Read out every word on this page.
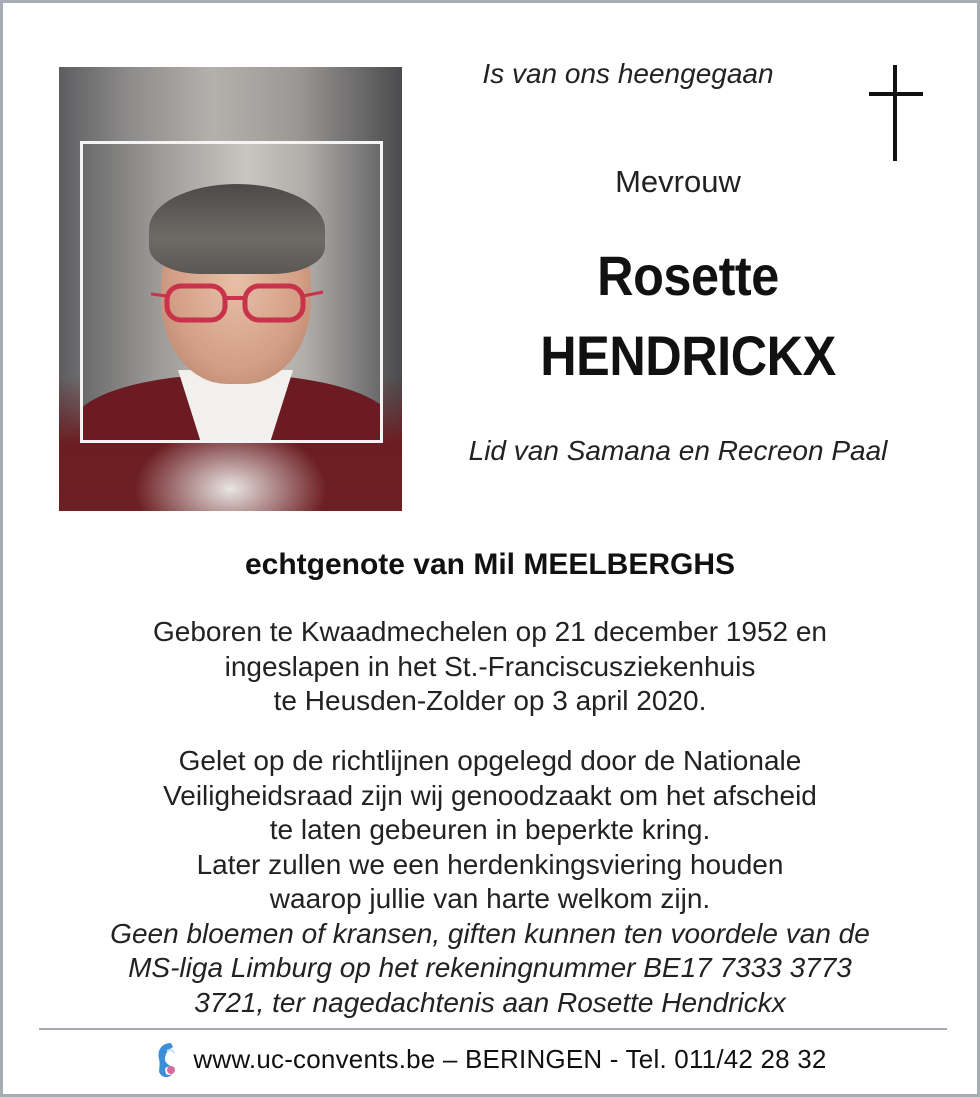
Is van ons heengegaan
Mevrouw
Rosette
HENDRICKX
Lid van Samana en Recreon Paal
echtgenote van Mil MEELBERGHS
Geboren te Kwaadmechelen op 21 december 1952 en
ingeslapen in het St.-Franciscusziekenhuis
te Heusden-Zolder op 3 april 2020.
Gelet op de richtlijnen opgelegd door de Nationale
Veiligheidsraad zijn wij genoodzaakt om het afscheid
te laten gebeuren in beperkte kring.
Later zullen we een herdenkingsviering houden
waarop jullie van harte welkom zijn.
Geen bloemen of kransen, giften kunnen ten voordele van de
MS-liga Limburg op het rekeningnummer BE17 7333 3773
3721, ter nagedachtenis aan Rosette Hendrickx
www.uc-convents.be – BERINGEN - Tel. 011/42 28 32
